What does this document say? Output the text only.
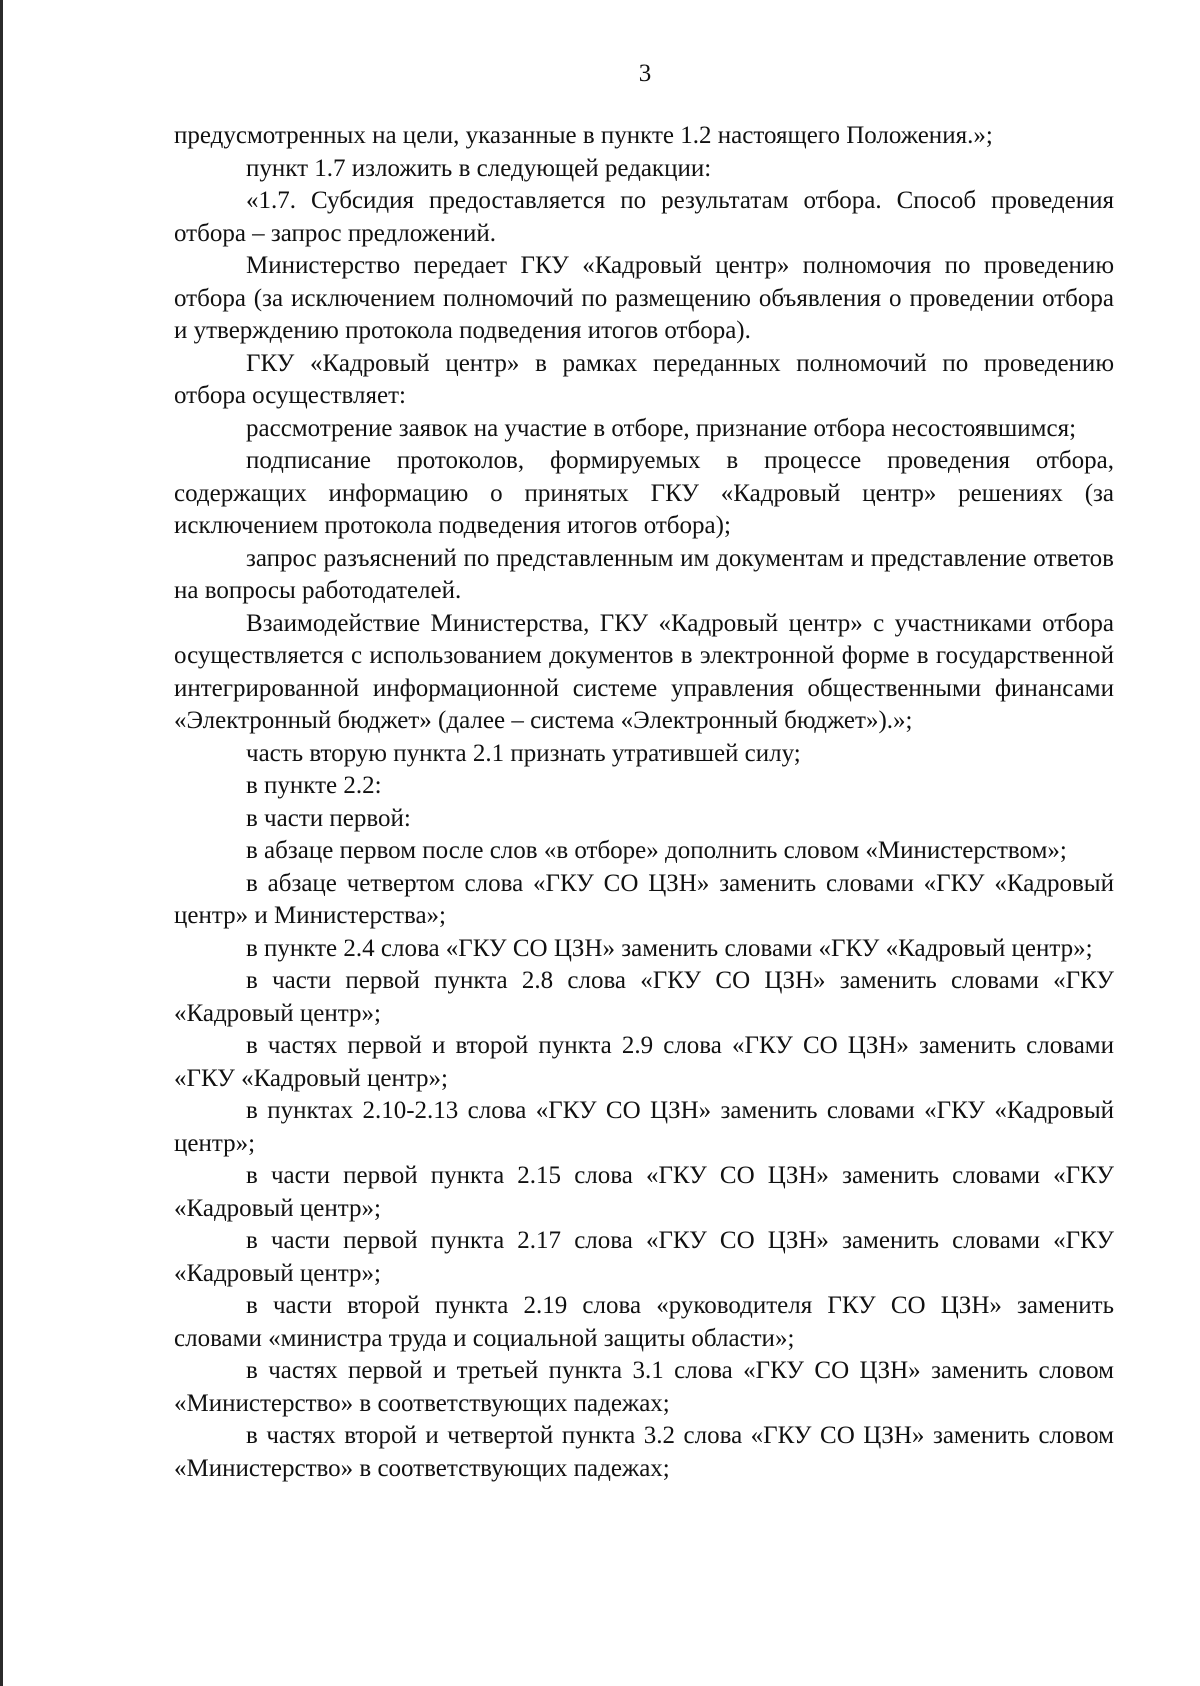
3

предусмотренных на цели, указанные в пункте 1.2 настоящего Положения.»;

пункт 1.7 изложить в следующей редакции:

«1.7. Субсидия предоставляется по результатам отбора. Способ проведения отбора – запрос предложений.

Министерство передает ГКУ «Кадровый центр» полномочия по проведению отбора (за исключением полномочий по размещению объявления о проведении отбора и утверждению протокола подведения итогов отбора).

ГКУ «Кадровый центр» в рамках переданных полномочий по проведению отбора осуществляет:

рассмотрение заявок на участие в отборе, признание отбора несостоявшимся;

подписание протоколов, формируемых в процессе проведения отбора, содержащих информацию о принятых ГКУ «Кадровый центр» решениях (за исключением протокола подведения итогов отбора);

запрос разъяснений по представленным им документам и представление ответов на вопросы работодателей.

Взаимодействие Министерства, ГКУ «Кадровый центр» с участниками отбора осуществляется с использованием документов в электронной форме в государственной интегрированной информационной системе управления общественными финансами «Электронный бюджет» (далее – система «Электронный бюджет»).»;

часть вторую пункта 2.1 признать утратившей силу;

в пункте 2.2:

в части первой:

в абзаце первом после слов «в отборе» дополнить словом «Министерством»;

в абзаце четвертом слова «ГКУ СО ЦЗН» заменить словами «ГКУ «Кадровый центр» и Министерства»;

в пункте 2.4 слова «ГКУ СО ЦЗН» заменить словами «ГКУ «Кадровый центр»;

в части первой пункта 2.8 слова «ГКУ СО ЦЗН» заменить словами «ГКУ «Кадровый центр»;

в частях первой и второй пункта 2.9 слова «ГКУ СО ЦЗН» заменить словами «ГКУ «Кадровый центр»;

в пунктах 2.10-2.13 слова «ГКУ СО ЦЗН» заменить словами «ГКУ «Кадровый центр»;

в части первой пункта 2.15 слова «ГКУ СО ЦЗН» заменить словами «ГКУ «Кадровый центр»;

в части первой пункта 2.17 слова «ГКУ СО ЦЗН» заменить словами «ГКУ «Кадровый центр»;

в части второй пункта 2.19 слова «руководителя ГКУ СО ЦЗН» заменить словами «министра труда и социальной защиты области»;

в частях первой и третьей пункта 3.1 слова «ГКУ СО ЦЗН» заменить словом «Министерство» в соответствующих падежах;

в частях второй и четвертой пункта 3.2 слова «ГКУ СО ЦЗН» заменить словом «Министерство» в соответствующих падежах;
